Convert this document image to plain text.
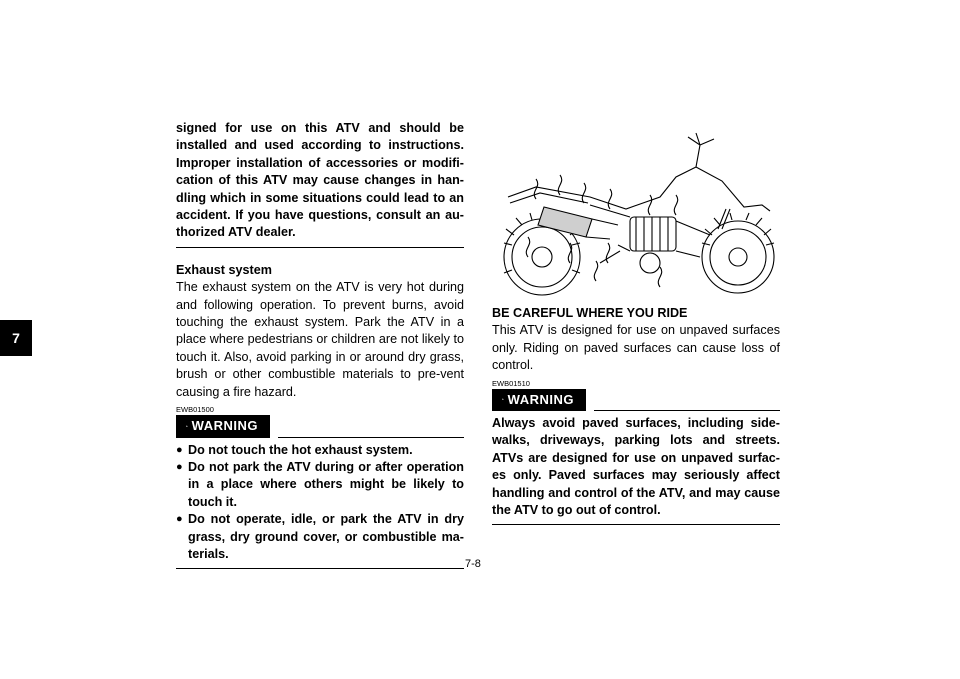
7

signed for use on this ATV and should be installed and used according to instructions. Improper installation of accessories or modifi-cation of this ATV may cause changes in han-dling which in some situations could lead to an accident. If you have questions, consult an au-thorized ATV dealer.

Exhaust system

The exhaust system on the ATV is very hot during and following operation. To prevent burns, avoid touching the exhaust system. Park the ATV in a place where pedestrians or children are not likely to touch it. Also, avoid parking in or around dry grass, brush or other combustible materials to pre-vent causing a fire hazard.

EWB01500
WARNING
● Do not touch the hot exhaust system.
● Do not park the ATV during or after operation in a place where others might be likely to touch it.
● Do not operate, idle, or park the ATV in dry grass, dry ground cover, or combustible ma-terials.
BE CAREFUL WHERE YOU RIDE

This ATV is designed for use on unpaved surfaces only. Riding on paved surfaces can cause loss of control.

EWB01510
WARNING

Always avoid paved surfaces, including side-walks, driveways, parking lots and streets. ATVs are designed for use on unpaved surfac-es only. Paved surfaces may seriously affect handling and control of the ATV, and may cause the ATV to go out of control.

7-8
